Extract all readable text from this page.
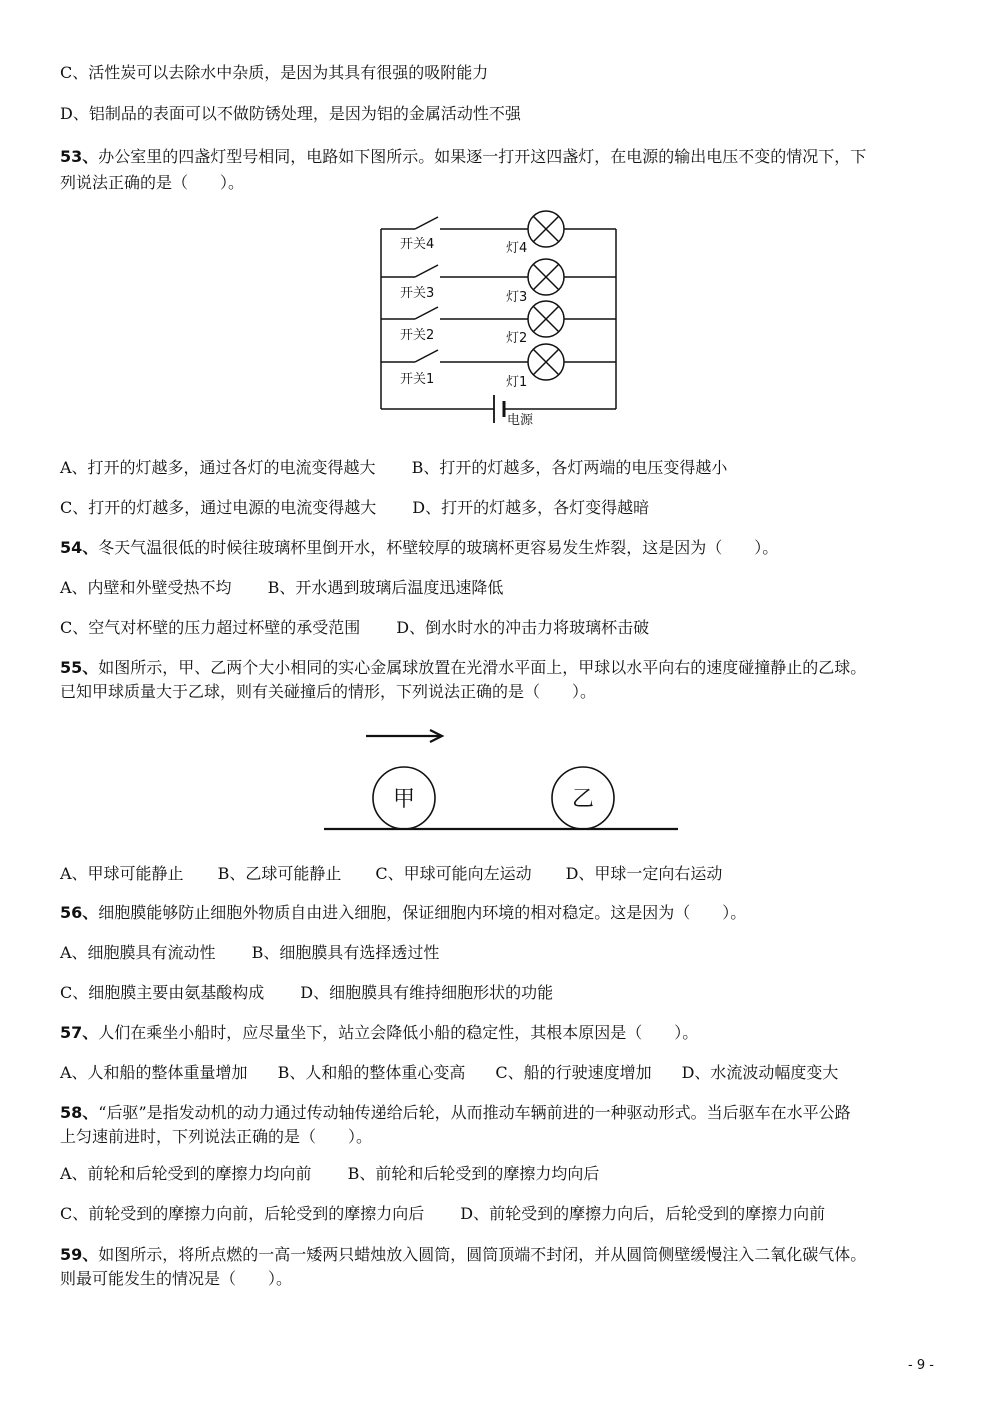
C、活性炭可以去除水中杂质，是因为其具有很强的吸附能力
D、铝制品的表面可以不做防锈处理，是因为铝的金属活动性不强
53、办公室里的四盏灯型号相同，电路如下图所示。如果逐一打开这四盏灯，在电源的输出电压不变的情况下，下
列说法正确的是（　　）。
开关4
开关3
开关2
开关1
灯4
灯3
灯2
灯1
电源
A、打开的灯越多，通过各灯的电流变得越大 B、打开的灯越多，各灯两端的电压变得越小
C、打开的灯越多，通过电源的电流变得越大 D、打开的灯越多，各灯变得越暗
54、冬天气温很低的时候往玻璃杯里倒开水，杯壁较厚的玻璃杯更容易发生炸裂，这是因为（　　）。
A、内壁和外壁受热不均 B、开水遇到玻璃后温度迅速降低
C、空气对杯壁的压力超过杯壁的承受范围 D、倒水时水的冲击力将玻璃杯击破
55、如图所示，甲、乙两个大小相同的实心金属球放置在光滑水平面上，甲球以水平向右的速度碰撞静止的乙球。
已知甲球质量大于乙球，则有关碰撞后的情形，下列说法正确的是（　　）。
甲	乙
A、甲球可能静止 B、乙球可能静止 C、甲球可能向左运动 D、甲球一定向右运动
56、细胞膜能够防止细胞外物质自由进入细胞，保证细胞内环境的相对稳定。这是因为（　　）。
A、细胞膜具有流动性 B、细胞膜具有选择透过性
C、细胞膜主要由氨基酸构成 D、细胞膜具有维持细胞形状的功能
57、人们在乘坐小船时，应尽量坐下，站立会降低小船的稳定性，其根本原因是（　　）。
A、人和船的整体重量增加 B、人和船的整体重心变高 C、船的行驶速度增加 D、水流波动幅度变大
58、“后驱”是指发动机的动力通过传动轴传递给后轮，从而推动车辆前进的一种驱动形式。当后驱车在水平公路
上匀速前进时，下列说法正确的是（　　）。
A、前轮和后轮受到的摩擦力均向前 B、前轮和后轮受到的摩擦力均向后
C、前轮受到的摩擦力向前，后轮受到的摩擦力向后 D、前轮受到的摩擦力向后，后轮受到的摩擦力向前
59、如图所示，将所点燃的一高一矮两只蜡烛放入圆筒，圆筒顶端不封闭，并从圆筒侧壁缓慢注入二氧化碳气体。
则最可能发生的情况是（　　）。
- 9 -
